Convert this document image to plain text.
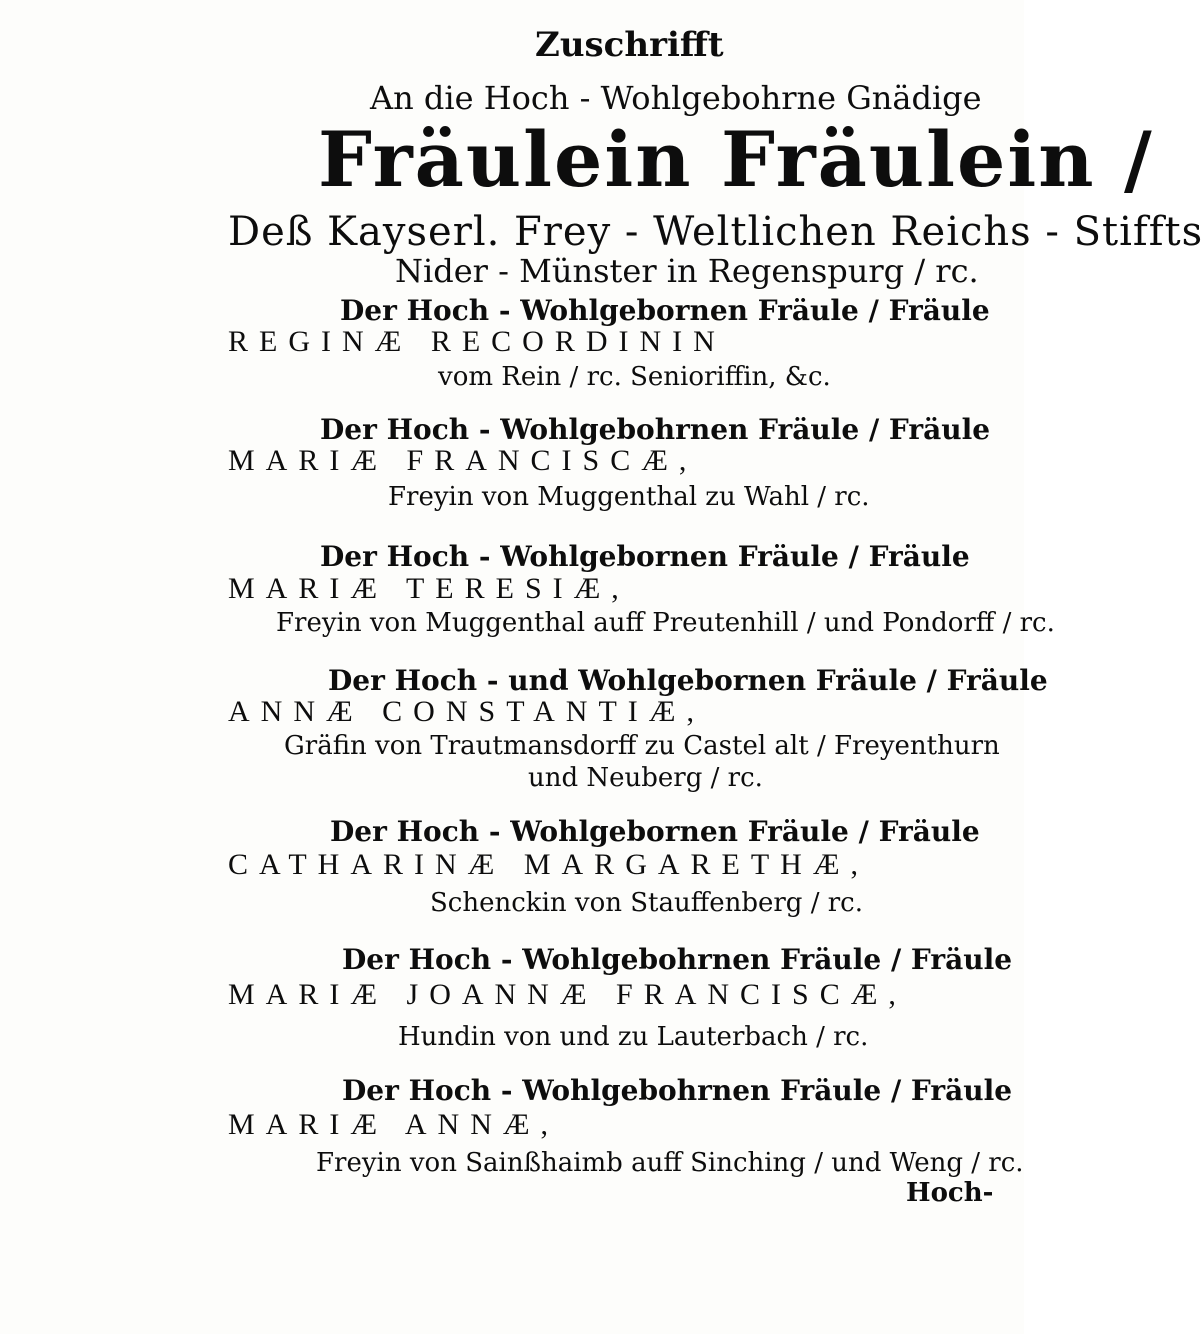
Zuschrifft
An die Hoch - Wohlgebohrne Gnädige
Fräulein Fräulein /
Deß Kayserl. Frey - Weltlichen Reichs - Stiffts
Nider - Münster in Regenspurg / rc.
Der Hoch - Wohlgebornen Fräule / Fräule
REGINÆ RECORDININ
vom Rein / rc. Senioriffin, &c.
Der Hoch - Wohlgebohrnen Fräule / Fräule
MARIÆ FRANCISCÆ,
Freyin von Muggenthal zu Wahl / rc.
Der Hoch - Wohlgebornen Fräule / Fräule
MARIÆ TERESIÆ,
Freyin von Muggenthal auff Preutenhill / und Pondorff / rc.
Der Hoch - und Wohlgebornen Fräule / Fräule
ANNÆ CONSTANTIÆ,
Gräfin von Trautmansdorff zu Castel alt / Freyenthurn
und Neuberg / rc.
Der Hoch - Wohlgebornen Fräule / Fräule
CATHARINÆ MARGARETHÆ,
Schenckin von Stauffenberg / rc.
Der Hoch - Wohlgebohrnen Fräule / Fräule
MARIÆ JOANNÆ FRANCISCÆ,
Hundin von und zu Lauterbach / rc.
Der Hoch - Wohlgebohrnen Fräule / Fräule
MARIÆ ANNÆ,
Freyin von Sainßhaimb auff Sinching / und Weng / rc.
Hoch-
